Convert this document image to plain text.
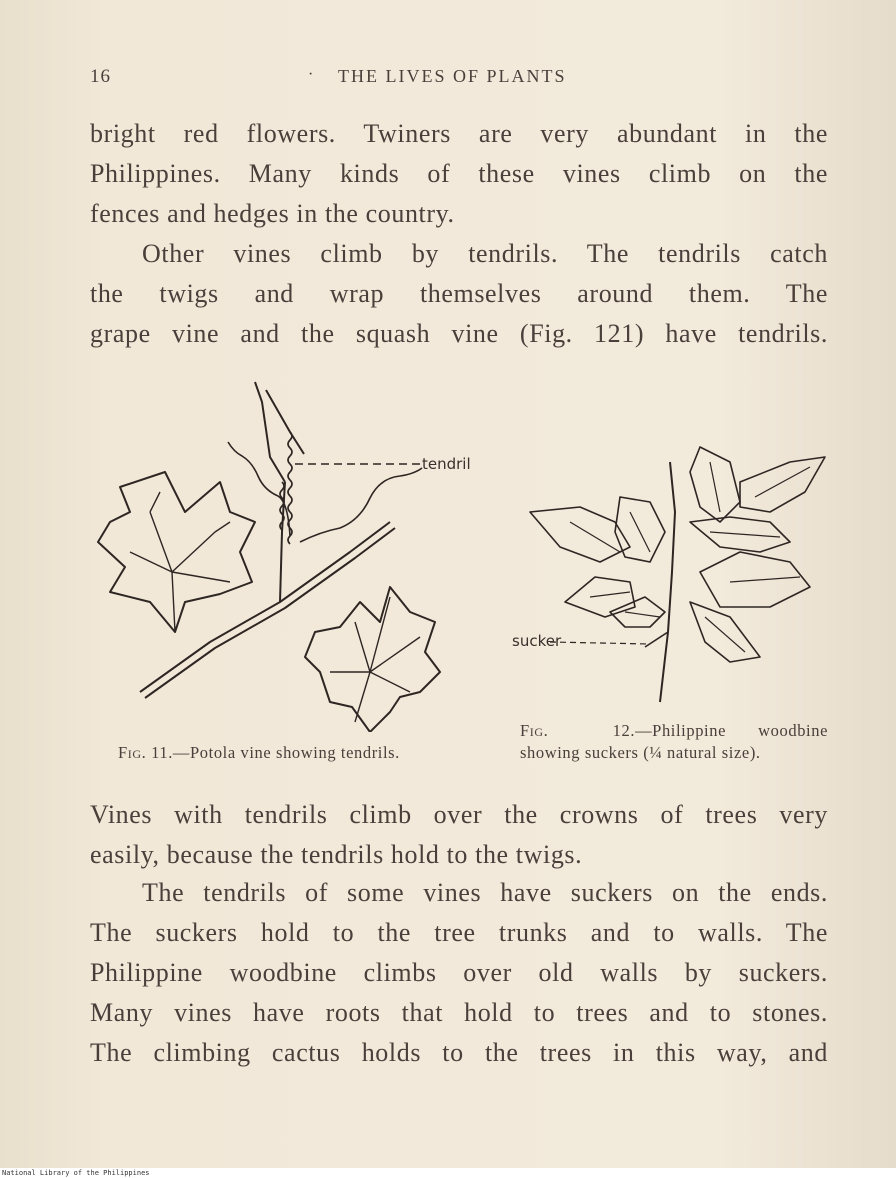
16	· THE LIVES OF PLANTS

bright red flowers. Twiners are very abundant in the
Philippines. Many kinds of these vines climb on the
fences and hedges in the country.

Other vines climb by tendrils. The tendrils catch
the twigs and wrap themselves around them. The
grape vine and the squash vine (Fig. 121) have tendrils.

tendril
sucker
Fig. 11.—Potola vine showing tendrils.
Fig.	12.—Philippine woodbine
showing suckers (¼ natural size).

Vines with tendrils climb over the crowns of trees very
easily, because the tendrils hold to the twigs.

The tendrils of some vines have suckers on the ends.
The suckers hold to the tree trunks and to walls. The
Philippine woodbine climbs over old walls by suckers.
Many vines have roots that hold to trees and to stones.
The climbing cactus holds to the trees in this way, and

National Library of the Philippines
